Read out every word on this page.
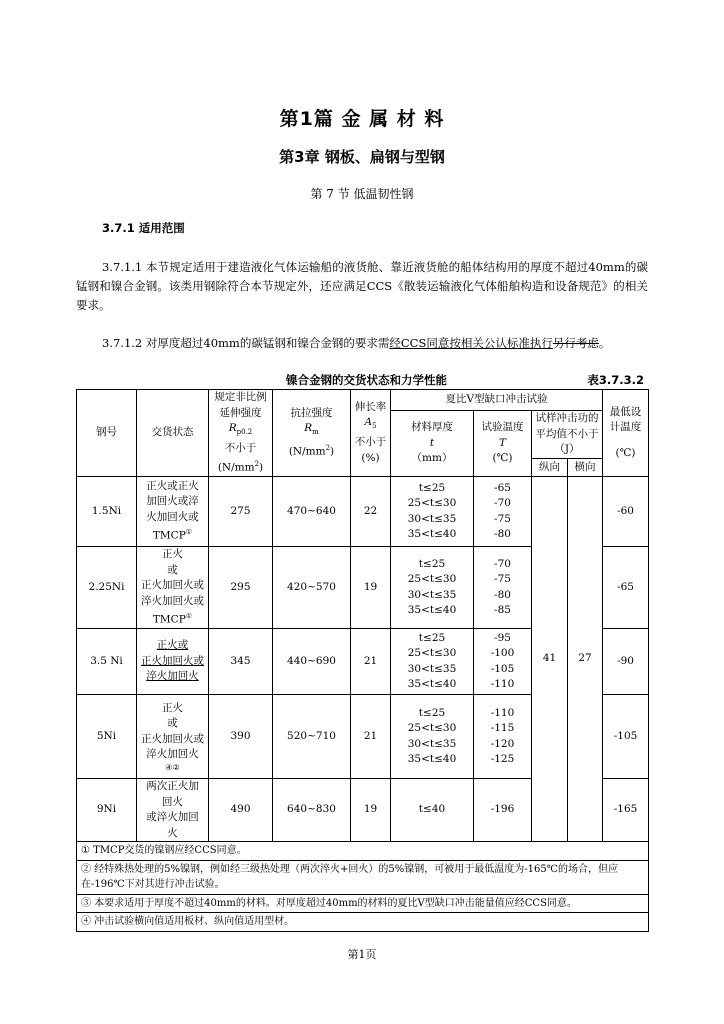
第1篇 金 属 材 料
第3章 钢板、扁钢与型钢
第 7 节 低温韧性钢
3.7.1 适用范围
3.7.1.1 本节规定适用于建造液化气体运输船的液货舱、靠近液货舱的船体结构用的厚度不超过40mm的碳锰钢和镍合金钢。该类用钢除符合本节规定外，还应满足CCS《散装运输液化气体船舶构造和设备规范》的相关要求。
3.7.1.2 对厚度超过40mm的碳锰钢和镍合金钢的要求需经CCS同意按相关公认标准执行另行考虑。
镍合金钢的交货状态和力学性能	表3.7.3.2
钢号	交货状态	规定非比例
延伸强度
$R_{p0.2}$
不小于
$(N/mm^2)$	抗拉强度
$R_m$
$(N/mm^2)$	伸长率
$A_5$
不小于
(%)	夏比V型缺口冲击试验				最低设
计温度
(℃)

					材料厚度
t
（mm）	试验温度
T
(℃)	试样冲击功的
平均值不小于
（J）		

							纵向	横向	
1.5Ni	正火或正火
加回火或淬
火加回火或
TMCP①	275	470~640	22	t≤25
25<t≤30
30<t≤35
35<t≤40	-65
-70
-75
-80	41	27	-60
2.25Ni	正火
或
正火加回火或
淬火加回火或
TMCP①	295	420~570	19	t≤25
25<t≤30
30<t≤35
35<t≤40	-70
-75
-80
-85			-65
3.5 Ni	正火或
正火加回火或
淬火加回火	345	440~690	21	t≤25
25<t≤30
30<t≤35
35<t≤40	-95
-100
-105
-110			-90
5Ni	正火
或
正火加回火或
淬火加回火
④②	390	520~710	21	t≤25
25<t≤30
30<t≤35
35<t≤40	-110
-115
-120
-125			-105
9Ni	两次正火加
回火
或淬火加回
火	490	640~830	19	t≤40	-196			-165
① TMCP交货的镍钢应经CCS同意。									
② 经特殊热处理的5%镍钢，例如经三级热处理（两次淬火+回火）的5%镍钢，可被用于最低温度为-165℃的场合，但应在-196℃下对其进行冲击试验。									
③ 本要求适用于厚度不超过40mm的材料。对厚度超过40mm的材料的夏比V型缺口冲击能量值应经CCS同意。									
④ 冲击试验横向值适用板材、纵向值适用型材。									
第1页
